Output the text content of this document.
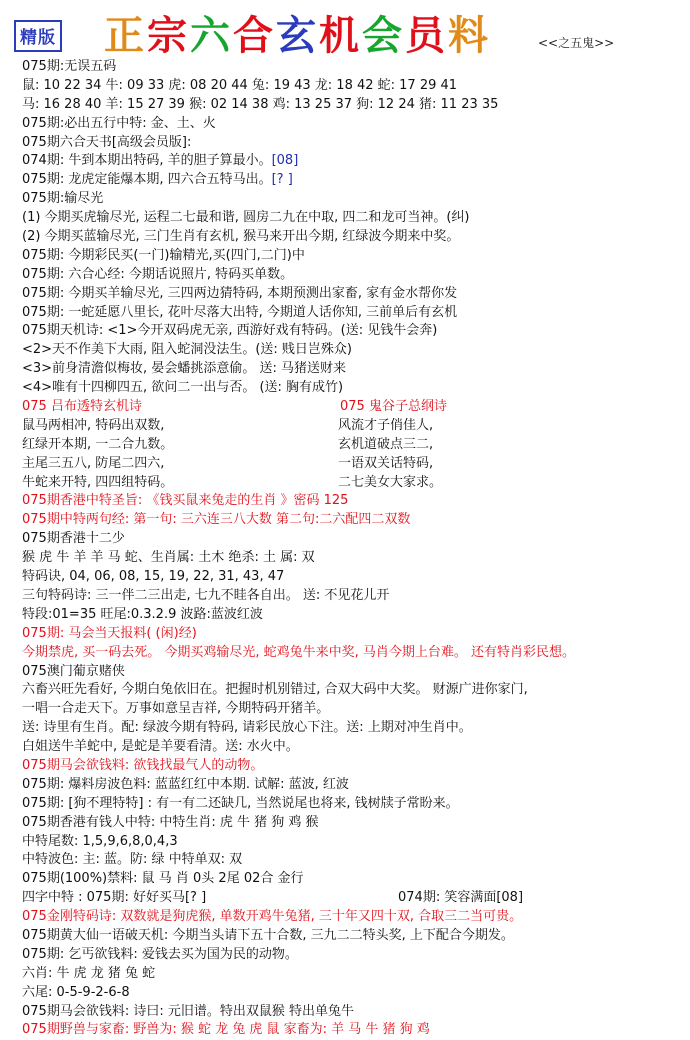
精版 正宗六合玄机会员料	<<之五鬼>>
075期:无误五码
鼠: 10 22 34 牛: 09 33 虎: 08 20 44 兔: 19 43 龙: 18 42 蛇: 17 29 41
马: 16 28 40 羊: 15 27 39 猴: 02 14 38 鸡: 13 25 37 狗: 12 24 猪: 11 23 35
075期:必出五行中特: 金、土、火
075期六合天书[高级会员版]:
074期: 牛到本期出特码, 羊的胆子算最小。[08]
075期: 龙虎定能爆本期, 四六合五特马出。[? ]
075期:输尽光
(1) 今期买虎输尽光, 运程二七最和谐, 圆房二九在中取, 四二和龙可当神。(纠)
(2) 今期买蓝输尽光, 三门生肖有玄机, 猴马来开出今期, 红绿波今期来中奖。
075期: 今期彩民买(一门)输精光,买(四门,二门)中
075期: 六合心经: 今期话说照片, 特码买单数。
075期: 今期买羊输尽光, 三四两边猜特码, 本期预测出家畜, 家有金水帮你发
075期: 一蛇延愿八里长, 花叶尽落大出特, 今期道人话你知, 三前单后有玄机
075期天机诗: <1>今开双码虎无亲, 西游好戏有特码。(送: 见钱牛会奔)
<2>天不作美下大雨, 阻入蛇洞没法生。(送: 贱日岂殊众)
<3>前身清澹似梅妆, 晏会蟠挑添意偷。 送: 马猪送财来
<4>唯有十四柳四五, 欲问二一出与否。 (送: 胸有成竹)
075 吕布透特玄机诗	075 鬼谷子总纲诗
鼠马两相冲, 特码出双数,	风流才子俏佳人,
红绿开本期, 一二合九数。	玄机道破点三二,
主尾三五八, 防尾二四六,	一语双关话特码,
牛蛇来开特, 四四组特码。	二七美女大家求。
075期香港中特圣旨: 《钱买鼠来兔走的生肖 》密码 125
075期中特两句经: 第一句: 三六连三八大数 第二句:二六配四二双数
075期香港十二少
猴 虎 牛 羊 羊 马 蛇、生肖属: 土木 绝杀: 土 属: 双
特码诀, 04, 06, 08, 15, 19, 22, 31, 43, 47
三句特码诗: 三一伴二三出走, 七九不眭各自出。 送: 不见花儿开
特段:01=35 旺尾:0.3.2.9 波路:蓝波红波
075期: 马会当天报料( (闲)经)
今期禁虎, 买一码去死。 今期买鸡输尽光, 蛇鸡兔牛来中奖, 马肖今期上台难。 还有特肖彩民想。
075澳门葡京赌侠
六畜兴旺先看好, 今期白兔依旧在。把握时机别错过, 合双大码中大奖。 财源广进你家门,
一唱一合走天下。万事如意呈吉祥, 今期特码开猪羊。
送: 诗里有生肖。配: 绿波今期有特码, 请彩民放心下注。送: 上期对冲生肖中。
白姐送牛羊蛇中, 是蛇是羊要看清。送: 水火中。
075期马会欲钱料: 欲钱找最气人的动物。
075期: 爆料房波色料: 蓝蓝红红中本期. 试解: 蓝波, 红波
075期: [狗不理特特] : 有一有二还缺几, 当然说尾也将来, 钱树牍子常盼来。
075期香港有钱人中特: 中特生肖: 虎 牛 猪 狗 鸡 猴
中特尾数: 1,5,9,6,8,0,4,3
中特波色: 主: 蓝。防: 绿 中特单双: 双
075期(100%)禁料: 鼠 马 肖 0头 2尾 02合 金行
四字中特 : 075期: 好好买马[? ]	074期: 笑容满面[08]
075金刚特码诗: 双数就是狗虎猴, 单数开鸡牛兔猪, 三十年又四十双, 合取三二当可贵。
075期黄大仙一语破天机: 今期当头请下五十合数, 三九二二特头奖, 上下配合今期发。
075期: 乞丐欲钱料: 爱钱去买为国为民的动物。
六肖: 牛 虎 龙 猪 兔 蛇
六尾: 0-5-9-2-6-8
075期马会欲钱料: 诗曰: 元旧谱。特出双鼠猴 特出单兔牛
075期野兽与家畜: 野兽为: 猴 蛇 龙 兔 虎 鼠 家畜为: 羊 马 牛 猪 狗 鸡
